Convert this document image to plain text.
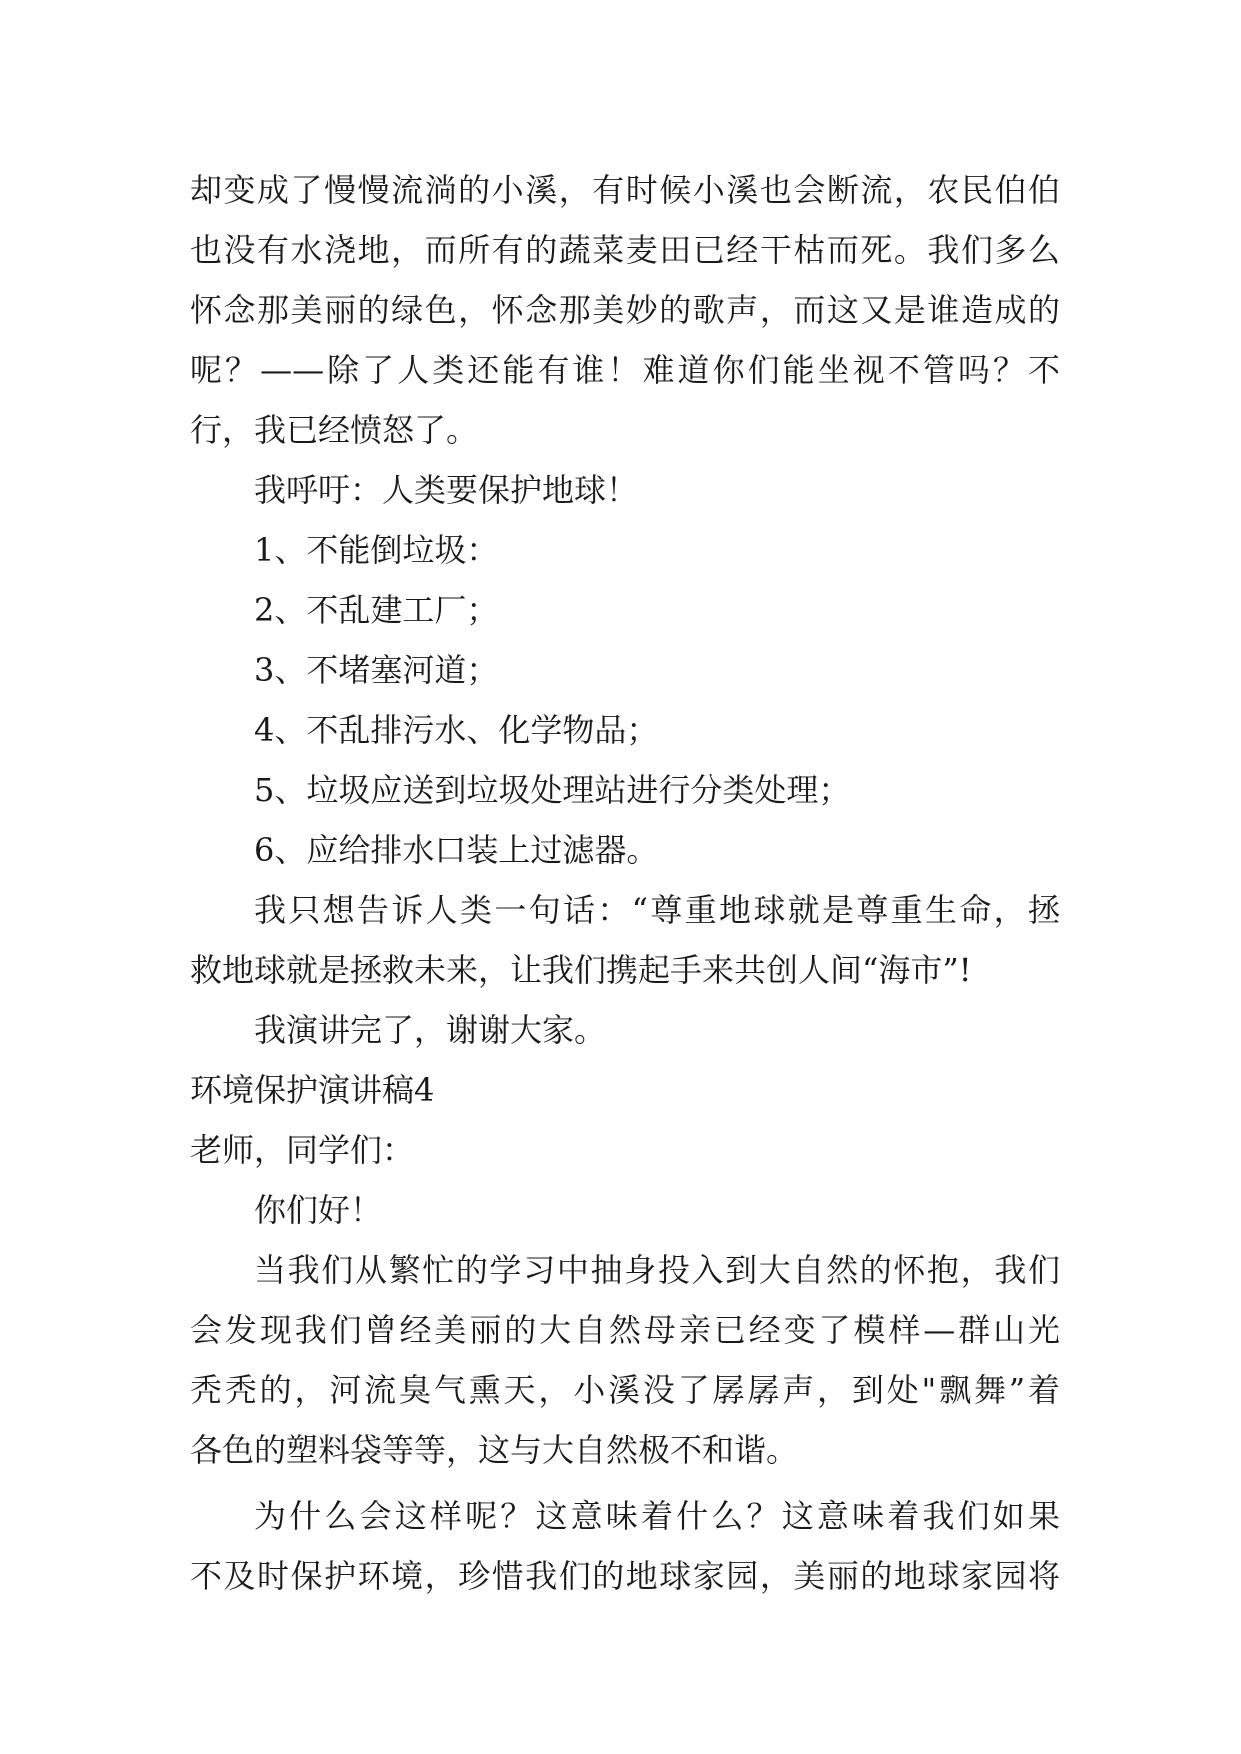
却变成了慢慢流淌的小溪，有时候小溪也会断流，农民伯伯
也没有水浇地，而所有的蔬菜麦田已经干枯而死。我们多么
怀念那美丽的绿色，怀念那美妙的歌声，而这又是谁造成的
呢？——除了人类还能有谁！难道你们能坐视不管吗？不
行，我已经愤怒了。
我呼吁：人类要保护地球！
1、不能倒垃圾：
2、不乱建工厂；
3、不堵塞河道；
4、不乱排污水、化学物品；
5、垃圾应送到垃圾处理站进行分类处理；
6、应给排水口装上过滤器。
我只想告诉人类一句话：“尊重地球就是尊重生命，拯
救地球就是拯救未来，让我们携起手来共创人间“海市”!
我演讲完了，谢谢大家。
环境保护演讲稿4
老师，同学们：
你们好！
当我们从繁忙的学习中抽身投入到大自然的怀抱，我们
会发现我们曾经美丽的大自然母亲已经变了模样—群山光
秃秃的，河流臭气熏天，小溪没了孱孱声，到处"飘舞”着
各色的塑料袋等等，这与大自然极不和谐。
为什么会这样呢？这意味着什么？这意味着我们如果
不及时保护环境，珍惜我们的地球家园，美丽的地球家园将
